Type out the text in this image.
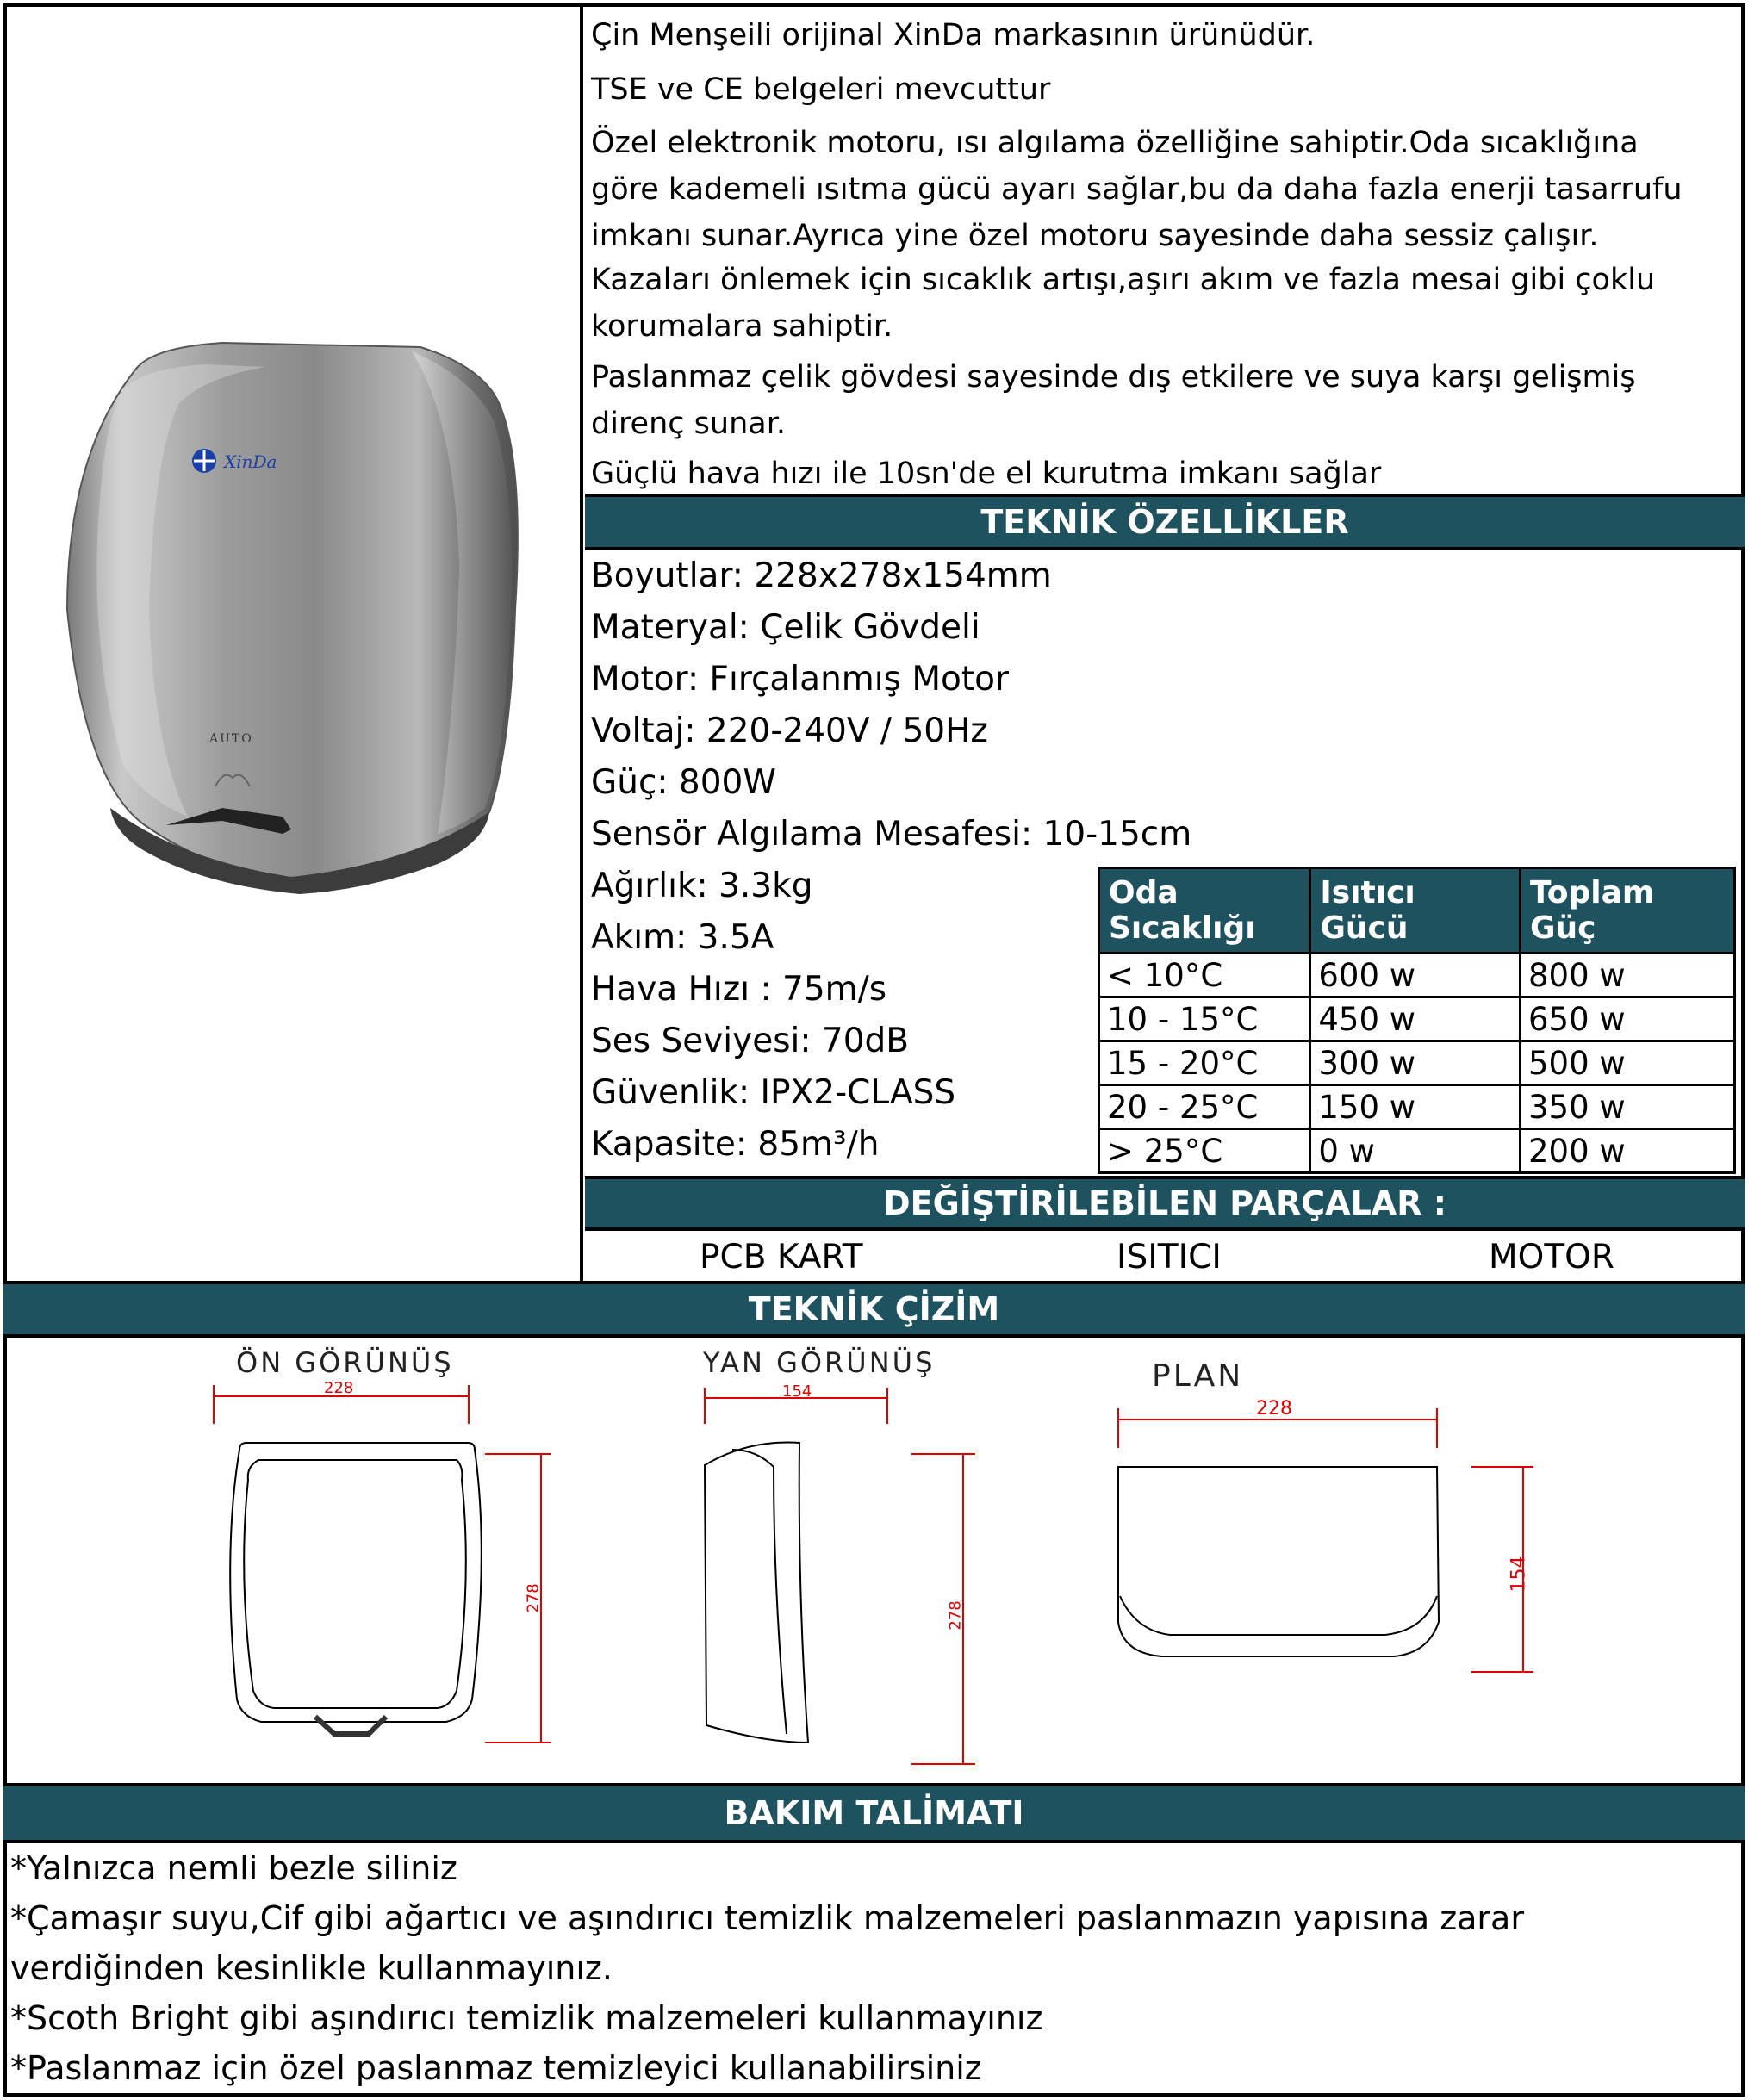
XinDa
AUTO
Çin Menşeili orijinal XinDa markasının ürünüdür.
TSE ve CE belgeleri mevcuttur
Özel elektronik motoru, ısı algılama özelliğine sahiptir.Oda sıcaklığına göre kademeli ısıtma gücü ayarı sağlar,bu da daha fazla enerji tasarrufu imkanı sunar.Ayrıca yine özel motoru sayesinde daha sessiz çalışır.
Kazaları önlemek için sıcaklık artışı,aşırı akım ve fazla mesai gibi çoklu korumalara sahiptir.
Paslanmaz çelik gövdesi sayesinde dış etkilere ve suya karşı gelişmiş direnç sunar.
Güçlü hava hızı ile 10sn'de el kurutma imkanı sağlar
TEKNİK ÖZELLİKLER
Boyutlar: 228x278x154mm
Materyal: Çelik Gövdeli
Motor: Fırçalanmış Motor
Voltaj: 220-240V / 50Hz
Güç: 800W
Sensör Algılama Mesafesi: 10-15cm
Ağırlık: 3.3kg
Akım: 3.5A
Hava Hızı : 75m/s
Ses Seviyesi: 70dB
Güvenlik: IPX2-CLASS
Kapasite: 85m³/h
Oda Sıcaklığı	Isıtıcı Gücü	Toplam Güç
< 10°C	600 w	800 w
10 - 15°C	450 w	650 w
15 - 20°C	300 w	500 w
20 - 25°C	150 w	350 w
> 25°C	0 w	200 w
DEĞİŞTİRİLEBİLEN PARÇALAR :
PCB KART	ISITICI	MOTOR
TEKNİK ÇİZİM
ÖN GÖRÜNÜŞ	YAN GÖRÜNÜŞ	PLAN
228
278
154
278
228
154
BAKIM TALİMATI
*Yalnızca nemli bezle siliniz
*Çamaşır suyu,Cif gibi ağartıcı ve aşındırıcı temizlik malzemeleri paslanmazın yapısına zarar verdiğinden kesinlikle kullanmayınız.
*Scoth Bright gibi aşındırıcı temizlik malzemeleri kullanmayınız
*Paslanmaz için özel paslanmaz temizleyici kullanabilirsiniz
